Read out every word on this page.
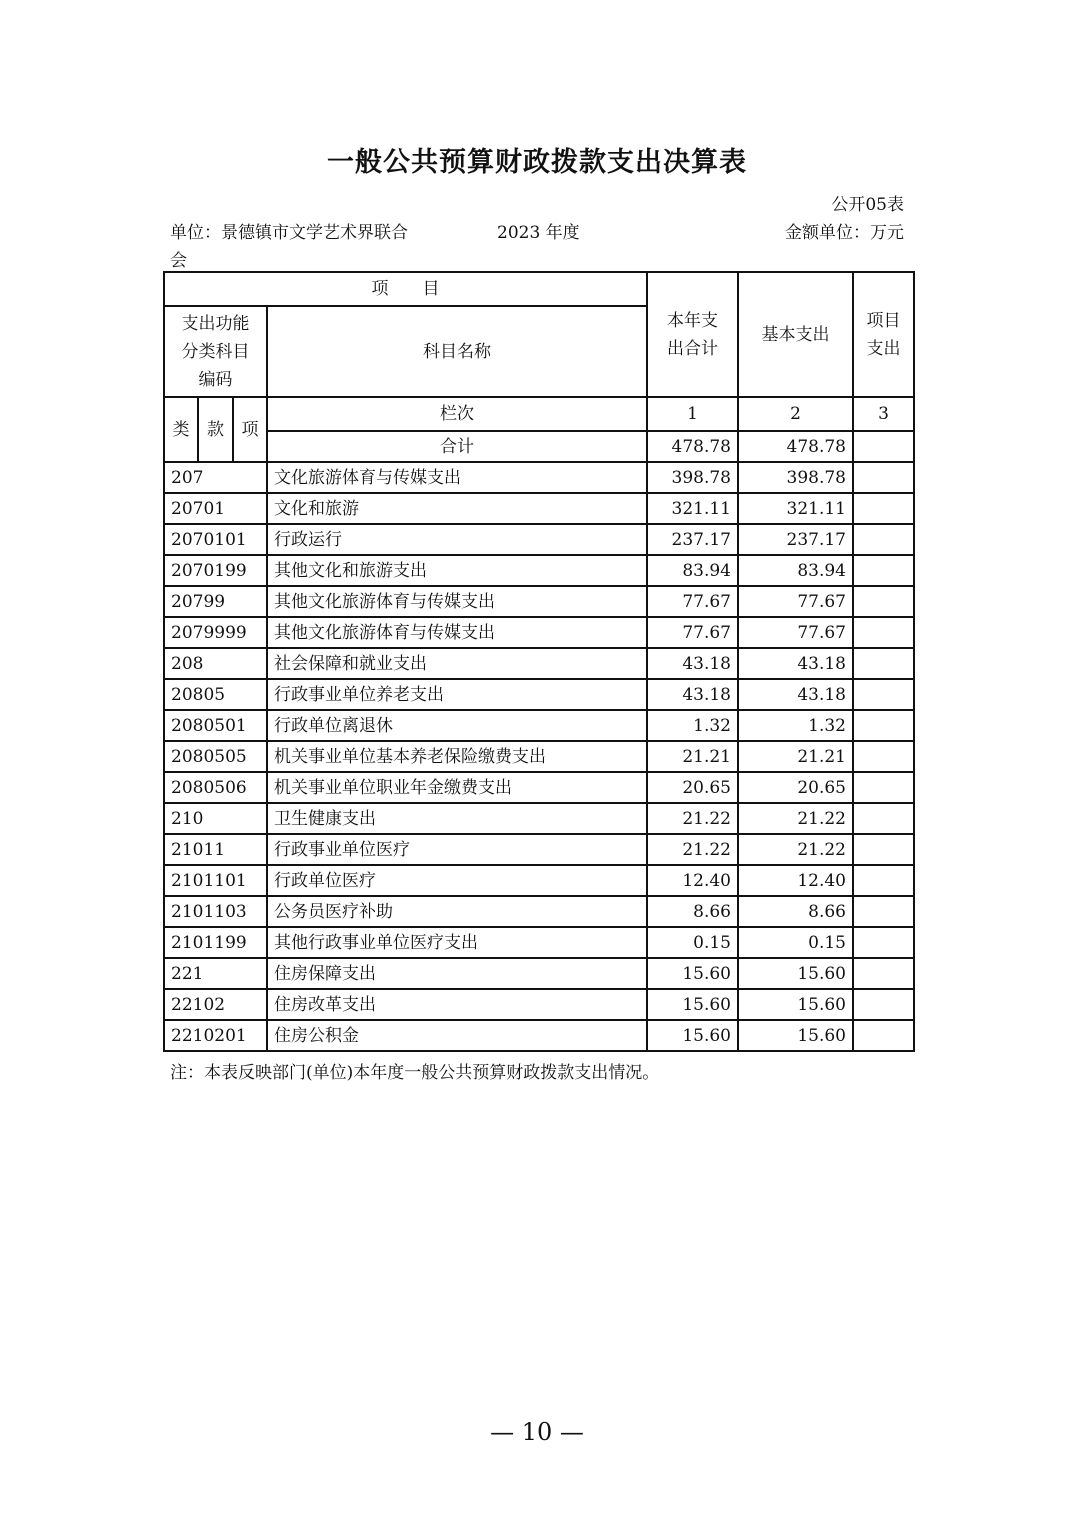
一般公共预算财政拨款支出决算表
公开05表
单位：景德镇市文学艺术界联合
会
2023 年度	金额单位：万元
项　　目				本年支出合计	基本支出	项目支出
支出功能分类科目编码			科目名称			
类	款	项	栏次	1	2	3
			合计	478.78	478.78	
207			文化旅游体育与传媒支出	398.78	398.78	
20701			文化和旅游	321.11	321.11	
2070101			行政运行	237.17	237.17	
2070199			其他文化和旅游支出	83.94	83.94	
20799			其他文化旅游体育与传媒支出	77.67	77.67	
2079999			其他文化旅游体育与传媒支出	77.67	77.67	
208			社会保障和就业支出	43.18	43.18	
20805			行政事业单位养老支出	43.18	43.18	
2080501			行政单位离退休	1.32	1.32	
2080505			机关事业单位基本养老保险缴费支出	21.21	21.21	
2080506			机关事业单位职业年金缴费支出	20.65	20.65	
210			卫生健康支出	21.22	21.22	
21011			行政事业单位医疗	21.22	21.22	
2101101			行政单位医疗	12.40	12.40	
2101103			公务员医疗补助	8.66	8.66	
2101199			其他行政事业单位医疗支出	0.15	0.15	
221			住房保障支出	15.60	15.60	
22102			住房改革支出	15.60	15.60	
2210201			住房公积金	15.60	15.60	
注：本表反映部门(单位)本年度一般公共预算财政拨款支出情况。
— 10 —
